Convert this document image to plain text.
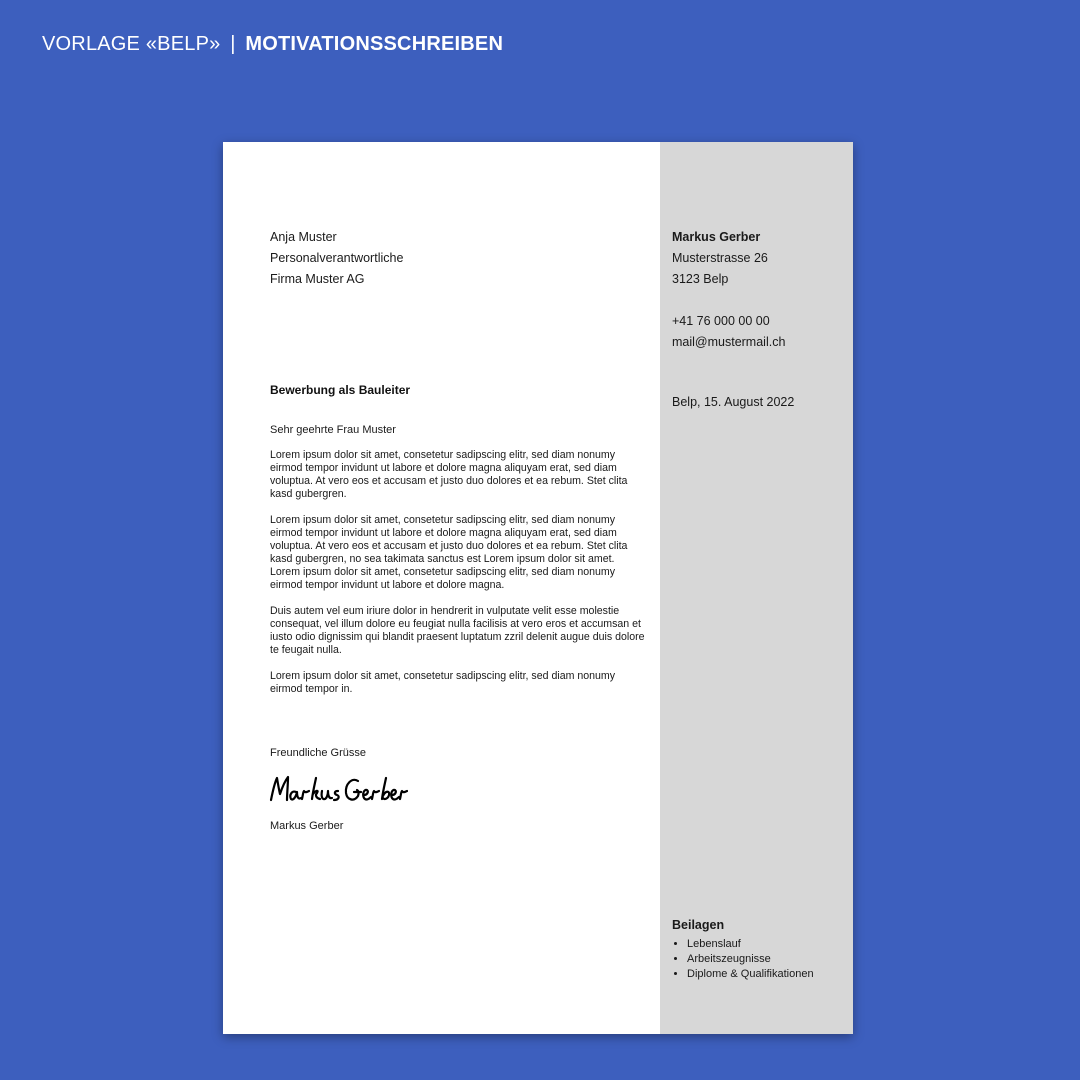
VORLAGE «BELP» | MOTIVATIONSSCHREIBEN
Anja Muster
Personalverantwortliche
Firma Muster AG
Bewerbung als Bauleiter
Sehr geehrte Frau Muster

Lorem ipsum dolor sit amet, consetetur sadipscing elitr, sed diam nonumy eirmod tempor invidunt ut labore et dolore magna aliquyam erat, sed diam voluptua. At vero eos et accusam et justo duo dolores et ea rebum. Stet clita kasd gubergren.

Lorem ipsum dolor sit amet, consetetur sadipscing elitr, sed diam nonumy eirmod tempor invidunt ut labore et dolore magna aliquyam erat, sed diam voluptua. At vero eos et accusam et justo duo dolores et ea rebum. Stet clita kasd gubergren, no sea takimata sanctus est Lorem ipsum dolor sit amet. Lorem ipsum dolor sit amet, consetetur sadipscing elitr, sed diam nonumy eirmod tempor invidunt ut labore et dolore magna.

Duis autem vel eum iriure dolor in hendrerit in vulputate velit esse molestie consequat, vel illum dolore eu feugiat nulla facilisis at vero eros et accumsan et iusto odio dignissim qui blandit praesent luptatum zzril delenit augue duis dolore te feugait nulla.

Lorem ipsum dolor sit amet, consetetur sadipscing elitr, sed diam nonumy eirmod tempor in.

Freundliche Grüsse
Markus Gerber
Markus Gerber
Musterstrasse 26
3123 Belp
+41 76 000 00 00
mail@mustermail.ch
Belp, 15. August 2022
Beilagen
• Lebenslauf
• Arbeitszeugnisse
• Diplome & Qualifikationen
